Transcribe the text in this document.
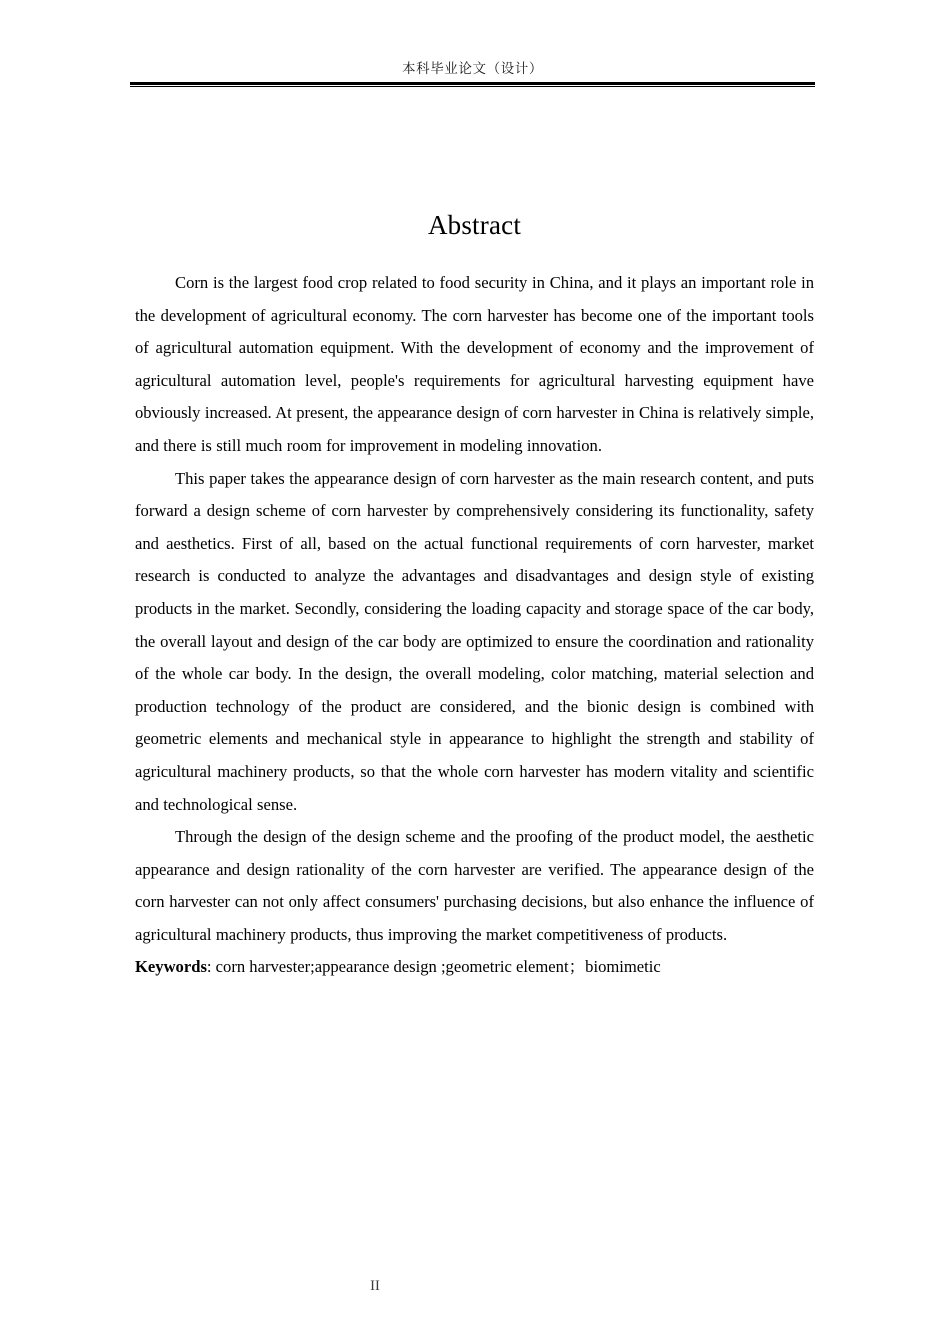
本科毕业论文（设计）
Abstract

Corn is the largest food crop related to food security in China, and it plays an important role in the development of agricultural economy. The corn harvester has become one of the important tools of agricultural automation equipment. With the development of economy and the improvement of agricultural automation level, people's requirements for agricultural harvesting equipment have obviously increased. At present, the appearance design of corn harvester in China is relatively simple, and there is still much room for improvement in modeling innovation.

This paper takes the appearance design of corn harvester as the main research content, and puts forward a design scheme of corn harvester by comprehensively considering its functionality, safety and aesthetics. First of all, based on the actual functional requirements of corn harvester, market research is conducted to analyze the advantages and disadvantages and design style of existing products in the market. Secondly, considering the loading capacity and storage space of the car body, the overall layout and design of the car body are optimized to ensure the coordination and rationality of the whole car body. In the design, the overall modeling, color matching, material selection and production technology of the product are considered, and the bionic design is combined with geometric elements and mechanical style in appearance to highlight the strength and stability of agricultural machinery products, so that the whole corn harvester has modern vitality and scientific and technological sense.

Through the design of the design scheme and the proofing of the product model, the aesthetic appearance and design rationality of the corn harvester are verified. The appearance design of the corn harvester can not only affect consumers' purchasing decisions, but also enhance the influence of agricultural machinery products, thus improving the market competitiveness of products.

Keywords: corn harvester;appearance design ;geometric element；biomimetic

II
